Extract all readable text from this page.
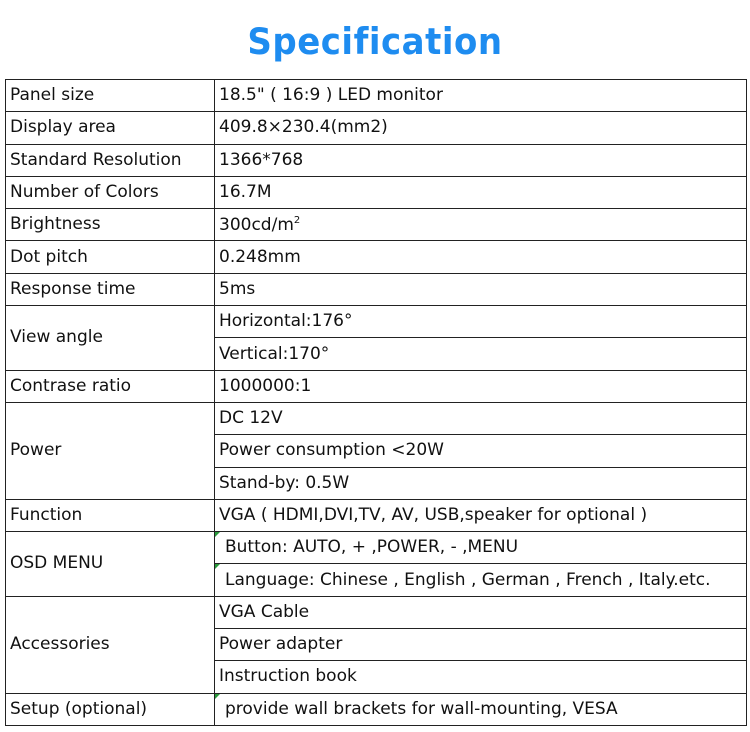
Specification
Panel size	18.5" ( 16:9 ) LED monitor
Display area	409.8×230.4(mm2)
Standard Resolution	1366*768
Number of Colors	16.7M
Brightness	$300cd/m^2$
Dot pitch	0.248mm
Response time	5ms
View angle	Horizontal:176°
	Vertical:170°
Contrase ratio	1000000:1
Power	DC 12V
	Power consumption <20W
	Stand-by: 0.5W
Function	VGA ( HDMI,DVI,TV, AV, USB,speaker for optional )
OSD MENU	Button: AUTO, + ,POWER, - ,MENU
	Language: Chinese , English , German , French , Italy.etc.
Accessories	VGA Cable
	Power adapter
	Instruction book
Setup (optional)	provide wall brackets for wall-mounting, VESA
